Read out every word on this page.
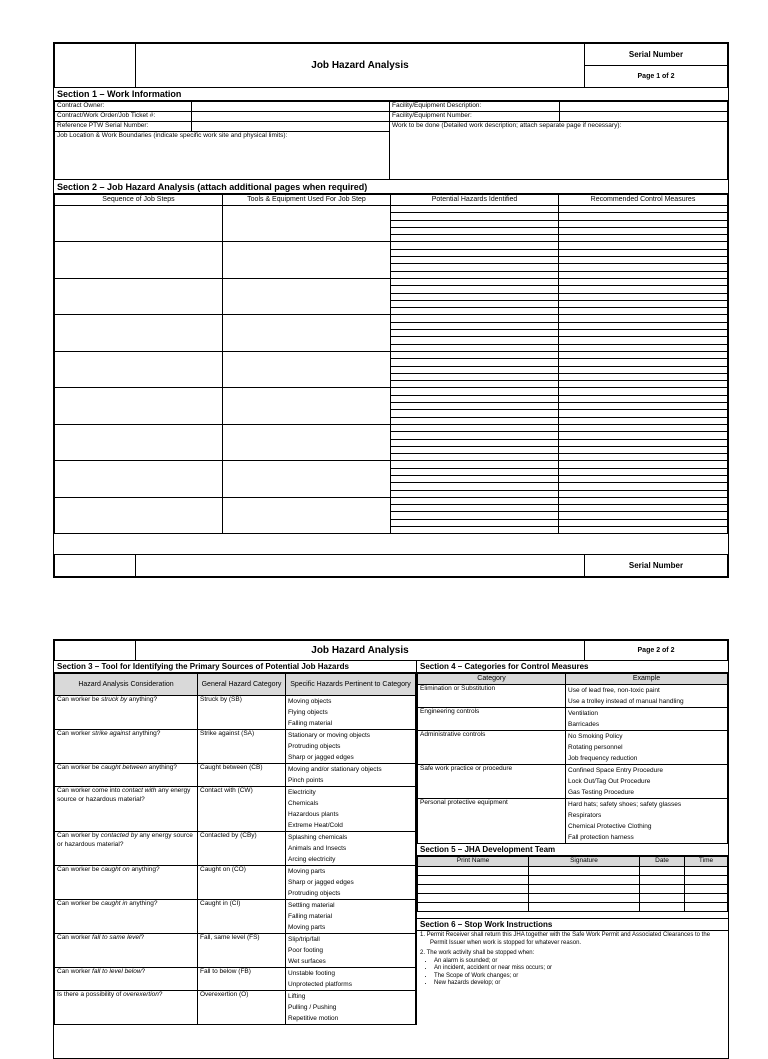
	Job Hazard Analysis	Serial Number
Page 1 of 2
Section 1 – Work Information
Contract Owner:		Facility/Equipment Description:	
Contract/Work Order/Job Ticket #:		Facility/Equipment Number:	
Reference PTW Serial Number:		Work to be done (Detailed work description; attach separate page if necessary):	
Job Location & Work Boundaries (indicate specific work site and physical limits):			
Section 2 – Job Hazard Analysis (attach additional pages when required)
Sequence of Job Steps	Tools & Equipment Used For Job Step	Potential Hazards Identified	Recommended Control Measures

		Serial Number
	Job Hazard Analysis	Page 2 of 2
Section 3 – Tool for Identifying the Primary Sources of Potential Job Hazards
Hazard Analysis Consideration	General Hazard Category	Specific Hazards Pertinent to Category
Can worker be struck by anything?	Struck by (SB)	Moving objects
Flying objects
Falling material

Can worker strike against anything?	Strike against (SA)	Stationary or moving objects
Protruding objects
Sharp or jagged edges

Can worker be caught between anything?	Caught between (CB)	Moving and/or stationary objects
Pinch points

Can worker come into contact with any energy source or hazardous material?	Contact with (CW)	Electricity
Chemicals
Hazardous plants
Extreme Heat/Cold

Can worker by contacted by any energy source or hazardous material?	Contacted by (CBy)	Splashing chemicals
Animals and Insects
Arcing electricity

Can worker be caught on anything?	Caught on (CO)	Moving parts
Sharp or jagged edges
Protruding objects

Can worker be caught in anything?	Caught in (CI)	Settling material
Falling material
Moving parts

Can worker fall to same level?	Fall, same level (FS)	Slip/trip/fall
Poor footing
Wet surfaces

Can worker fall to level below?	Fall to below (FB)	Unstable footing
Unprotected platforms

Is there a possibility of overexertion?	Overexertion (O)	Lifting
Pulling / Pushing
Repetitive motion
Section 4 – Categories for Control Measures
Category	Example
Elimination or Substitution	Use of lead free, non-toxic paint
Use a trolley instead of manual handling

Engineering controls	Ventilation
Barricades

Administrative controls	No Smoking Policy
Rotating personnel
Job frequency reduction

Safe work practice or procedure	Confined Space Entry Procedure
Lock Out/Tag Out Procedure
Gas Testing Procedure

Personal protective equipment	Hard hats; safety shoes; safety glasses
Respirators
Chemical Protective Clothing
Fall protection harness
Section 5 – JHA Development Team
Print Name	Signature	Date	Time

Section 6 – Stop Work Instructions
1. Permit Receiver shall return this JHA together with the Safe Work Permit and Associated Clearances to the Permit Issuer when work is stopped for whatever reason.
2. The work activity shall be stopped when:
• An alarm is sounded; or
• An incident, accident or near miss occurs; or
• The Scope of Work changes; or
• New hazards develop; or
